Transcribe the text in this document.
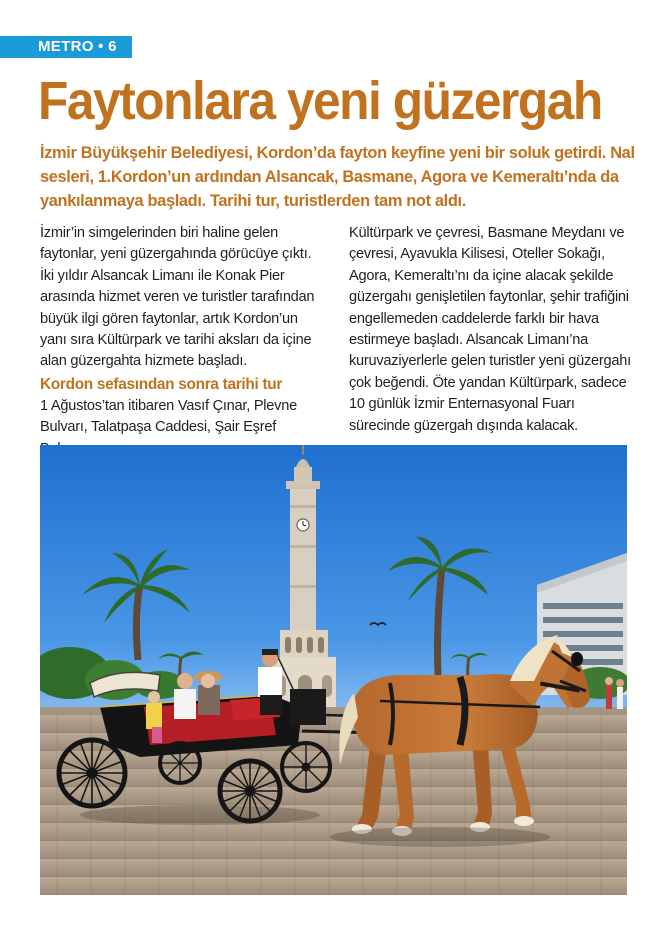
METRO • 6
Faytonlara yeni güzergah

İzmir Büyükşehir Belediyesi, Kordon’da fayton keyfine yeni bir soluk getirdi. Nal sesleri, 1.Kordon’un ardından Alsancak, Basmane, Agora ve Kemeraltı’nda da yankılanmaya başladı. Tarihi tur, turistlerden tam not aldı.

İzmir’in simgelerinden biri haline gelen faytonlar, yeni güzergahında görücüye çıktı. İki yıldır Alsancak Limanı ile Konak Pier arasında hizmet veren ve turistler tarafından büyük ilgi gören faytonlar, artık Kordon’un yanı sıra Kültürpark ve tarihi aksları da içine alan güzergahta hizmete başladı.

Kordon sefasından sonra tarihi tur

1 Ağustos’tan itibaren Vasıf Çınar, Plevne Bulvarı, Talatpaşa Caddesi, Şair Eşref

Kültürpark ve çevresi, Basmane Meydanı ve çevresi, Ayavukla Kilisesi, Oteller Sokağı, Agora, Kemeraltı’nı da içine alacak şekilde güzergahı genişletilen faytonlar, şehir trafiğini engellemeden caddelerde farklı bir hava estirmeye başladı. Alsancak Limanı’na kuruvaziyerlerle gelen turistler yeni güzergahı çok beğendi. Öte yandan Kültürpark, sadece 10 günlük İzmir Enternasyonal Fuarı sürecinde güzergah dışında kalacak.
